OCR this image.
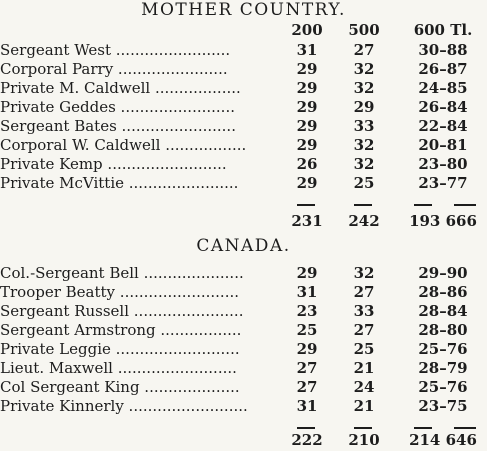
MOTHER COUNTRY.
200	500	600 Tl.
Sergeant West ........................	31	27	30–88
Corporal Parry .......................	29	32	26–87
Private M. Caldwell ..................	29	32	24–85
Private Geddes ........................	29	29	26–84
Sergeant Bates ........................	29	33	22–84
Corporal W. Caldwell .................	29	32	20–81
Private Kemp .........................	26	32	23–80
Private McVittie .......................	29	25	23–77
231	242	193 666
CANADA.
Col.-Sergeant Bell .....................	29	32	29–90
Trooper Beatty .........................	31	27	28–86
Sergeant Russell .......................	23	33	28–84
Sergeant Armstrong .................	25	27	28–80
Private Leggie ..........................	29	25	25–76
Lieut. Maxwell .........................	27	21	28–79
Col Sergeant King ....................	27	24	25–76
Private Kinnerly .........................	31	21	23–75
222	210	214 646
